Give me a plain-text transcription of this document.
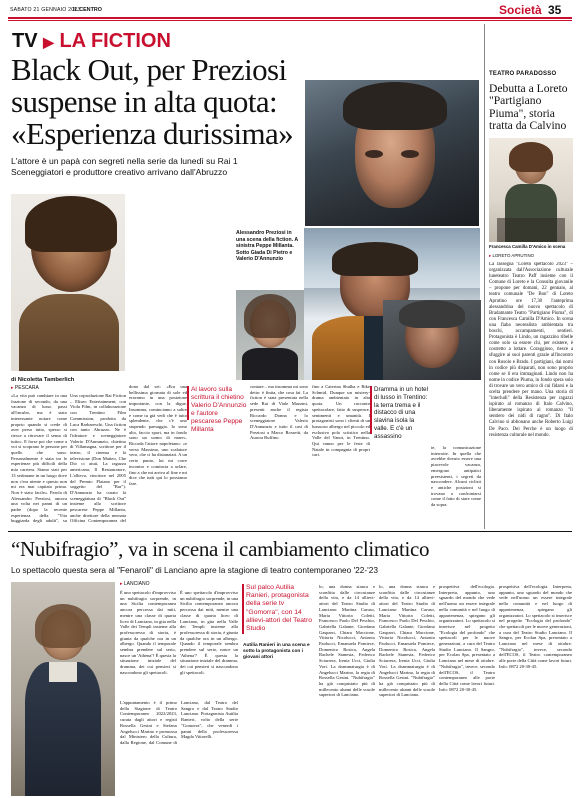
SABATO 21 GENNAIO 2023
IL CENTRO	Società 35
TV ▶ LA FICTION
Black Out, per Preziosi
suspense in alta quota:
«Esperienza durissima»
L'attore è un papà con segreti nella serie da lunedì su Rai 1
Sceneggiatori e produttore creativo arrivano dall'Abruzzo
Alessandro Preziosi in una scena della fiction. A sinistra Peppe Millanta. Sotto Giada Di Pietro e Valerio D'Annunzio
di Nicoletta Tamberlich
▸ PESCARA
«La vita può cambiare in una frazione di secondo, da una vacanza di lusso passi all'incubo, ma è stato interessante notare come proprio quando si crede di aver perso tutto, spesso si riesce a ritrovare il senso di tutto». E forse poi che come a voi si scoprano le persone per quello che sono. Personalmente è stata tra le esperienze più difficili della mia carriera. Siamo stati per 13 settimane in un luogo dove non c'era niente e questo non mi era mai capitato prima. Non è stato facile». Parola di Alessandro Preziosi, ancora una volta nei panni di un padre (dopo la recente esperienza della "Vita buggiarda degli adulti", su
Una coproduzione Rai Fiction – Eliseo Entertainment, con Viola Film, in collaborazione con Trentino Film Commission, prodotta da Luca Barbareschi. Una fiction con tanto Abruzzo. Ne è l'ideatore e sceneggiatore Valerio D'Annunzio, chietino di Villamagna, scrittore per il teatro, il cinema e la televisione (Don Matteo, Che Dio ci aiuti, La ragazza americana, Il Restauratore, L'allieva, vincitore nel 2005 del Premio Flaiano per il soggetto del "Bar"). D'Annunzio ha curato la sceneggiatura di "Black Out" insieme allo scrittore pescarese Peppe Millanta, anche direttore della neonata Officina Contemporanea del
dono dal set: «Era una bellissima giornata di sole ed eravamo in una posizione importante, con la digue. Insomma, cominciamo a salire e come tu già vedi che è tutto splendente, che c'è uno stupendo paesaggio. Io sono alto, faccio sport, ma in fondo sono un uomo di mare». Ricorda l'attore napoletano: «e verso Massimo, uno scalatore vero, che ci ha distanziati. A un certo punto, lui mi corre incontro e comincia a urlare, fino a che mi arriva al fine e mi dice che tutti qui lo possiamo fare.
contare... ma insomma mi sono detto: è finita, che cosa fai. La fiction è stata presentata nella sede Rai di Viale Mazzini, presenti anche il regista Riccardo Donna e lo sceneggiatore Valerio D'Annunzio e tutto il cast di Preziosi a Marco Rossetti, da Aurora Ruffino.
fino a Caterina Shulha e Rike Schmid. Dunque un mistery-drama ambientato in alta quota. Un racconto spettacolare, fatto di suspence, sentimenti e umanità. I protagonisti sono i clienti di un lussuoso albergo nel piccolo ed esclusivo polo sciistico nella Valle del Vanoi, in Trentino. Qui vanno per le feste di Natale in compagnia di propri cari.
te, la comunicazione interrotte. In quella che avrebbe dovuto essere una piacevole vacanza, emergono antipatici preesistenti, i segreti da nascondere. Alcuni ciclisti e antiche posizioni si trovano a confrontarsi come il fatto di stare come da sopra.
Al lavoro sulla scrittura il chietino Valerio D'Annunzio e l'autore pescarese Peppe Millanta
Dramma in un hotel di lusso in Trentino: la terra trema e il distacco di una slavina isola la valle. E c'è un assassino
TEATRO PARADOSSO
Debutta a Loreto
"Partigiano
Piuma", storia
tratta da Calvino
Francesca Camilla D'Amico in scena
▸ LORETO APRUTINO
La rassegna "Loreto spettacolo 2023" – organizzata dall'Associazione culturale luneteatro Teatro Paff insieme con il Comune di Loreto e la Consulta giovanile – propone per domani, 22 gennaio, al teatro comunale "De Bon" di Loreto Aprutino ore 17,30 l'anteprima alessandrina del nuovo spettacolo di Bradamante Teatro "Partigiano Piuma", di con Francesca Camilla D'Amico. In scena una fiaba neorealista ambientata tra boschi, accampamenti, sentieri. Protagonista è Lindo, un ragazzino ribelle come solo sa essere chi, per esistere, è costretto a lottare. Coraggioso, riesce a sfuggire ai suoi parenti grazie all'incontro con Rosolo e Brado. I partigiani, dai nomi in codice più disparati, non sono proprio come se li era immaginati. Lindo non ha nome in codice Piuma, in fondo spera solo di trovare un vero amico di cui fidarsi e la scelta prendere per mano. Una storia di "interludi" della Resistenza per ragazzi ispirato al romanzo di Italo Calvino, liberamente ispirato al romanzo "Il sentiero dei nidi di ragno". Di Italo Calvino si abbonano anche Roberto Luigi De Paco. Dei Perche è un luogo di resistenza culturale nel mondo.
“Nubifragio”, va in scena il cambiamento climatico
Lo spettacolo questa sera al "Fenaroli" di Lanciano apre la stagione di teatro contemporaneo '22-'23
▸ LANCIANO
È uno spettacolo d'improvviso un nubifragio sorprende, in una Sicilia contemporanea ancora percossa dai miti, mentre una classe di quarta liceo di Lanciano, in gita nella Valle dei Templi insieme alla professoressa di storia, è giunta da qualche ora in un albergo. Quando il temporale sembra prendere sul serio, nasce un 'Athena'? È questa la situazione iniziale del dramma, dei cui pensieri si nascondono gli spettacoli.
L'appuntamento è il primo della Stagione di Teatro Contemporaneo 2022/2023, curata dagli attori e registi Rossella Gesini e Stefano Angelucci Marino e promossa dal Ministero della Cultura, dalla Regione, dal Comune di Lanciano, dal Teatro del Sangro e dal Teatro Studio Lanciano. Protagonista Autilia Ranieri, volto della serie "Gomorra", che venerdì i panni della professoressa Magda Vittorelli.
È uno spettacolo d'improvviso un nubifragio sorprende, in una Sicilia contemporanea ancora percossa dai miti, mentre una classe di quarta liceo di Lanciano, in gita nella Valle dei Templi insieme alla professoressa di storia, è giunta da qualche ora in un albergo. Quando il temporale sembra prendere sul serio, nasce un 'Athena'? È questa la situazione iniziale del dramma, dei cui pensieri si nascondono gli spettacoli.
Sul palco Autilia Ranieri, protagonista della serie tv "Gomorra", con 14 allievi-attori del Teatro Studio
Autilia Ranieri in una scena e sotto la protagonista con i giovani attori
lo, una donna stanca e sconfitta dalle circostanze della vita, e da 14 allievi-attori del Teatro Studio di Lanciano: Martina Caruso, Maria Vittoria Coletti, Francesco Paolo Del Peschio, Gabriella Galante, Giordano Gasparri, Chiara Maccione, Vittoria Nicolucci, Antonio Paolucci, Emanuela Pomiece, Domenico Rosica, Angela Rachele Stanesta, Federico Sciarrera, Irenia Ucci, Giulia Vori. La drammaturgia è di Angelucci Marino, la regia di Rossella Gesini. "Nubifragio" ha già conquistato più di millecento alunni delle scuole superiori di Lanciano.
lo, una donna stanca e sconfitta dalle circostanze della vita, e da 14 allievi-attori del Teatro Studio di Lanciano: Martina Caruso, Maria Vittoria Coletti, Francesco Paolo Del Peschio, Gabriella Galante, Giordano Gasparri, Chiara Maccione, Vittoria Nicolucci, Antonio Paolucci, Emanuela Pomiece, Domenico Rosica, Angela Rachele Stanesta, Federico Sciarrera, Irenia Ucci, Giulia Vori. La drammaturgia è di Angelucci Marino, la regia di Rossella Gesini. "Nubifragio" ha già conquistato più di millecento alunni delle scuole superiori di Lanciano.
prospettiva dell'ecologia. Interpreta, appunto, uno sguardo del mondo che vede nell'uomo un essere integrale nella comunità e nel luogo di appartenenza, spiegano gli organizzatori. Lo spettacolo si inserisce nel progetto "Ecologia del profondo" che spettacoli per le nuove generazioni, a cura del Teatro Studio Lanciano. Il Sangro, per Ecolan Spa, presentato a Lanciano nel mese di ottobre. "Nubifragio", invece, secondo dell'ECOS, il Teatro contemporaneo alle porte della Città come lavori futuri. Info: 0872 20-30-45.
prospettiva dell'ecologia. Interpreta, appunto, uno sguardo del mondo che vede nell'uomo un essere integrale nella comunità e nel luogo di appartenenza, spiegano gli organizzatori. Lo spettacolo si inserisce nel progetto "Ecologia del profondo" che spettacoli per le nuove generazioni, a cura del Teatro Studio Lanciano. Il Sangro, per Ecolan Spa, presentato a Lanciano nel mese di ottobre. "Nubifragio", invece, secondo dell'ECOS, il Teatro contemporaneo alle porte della Città come lavori futuri. Info: 0872 20-30-45.
